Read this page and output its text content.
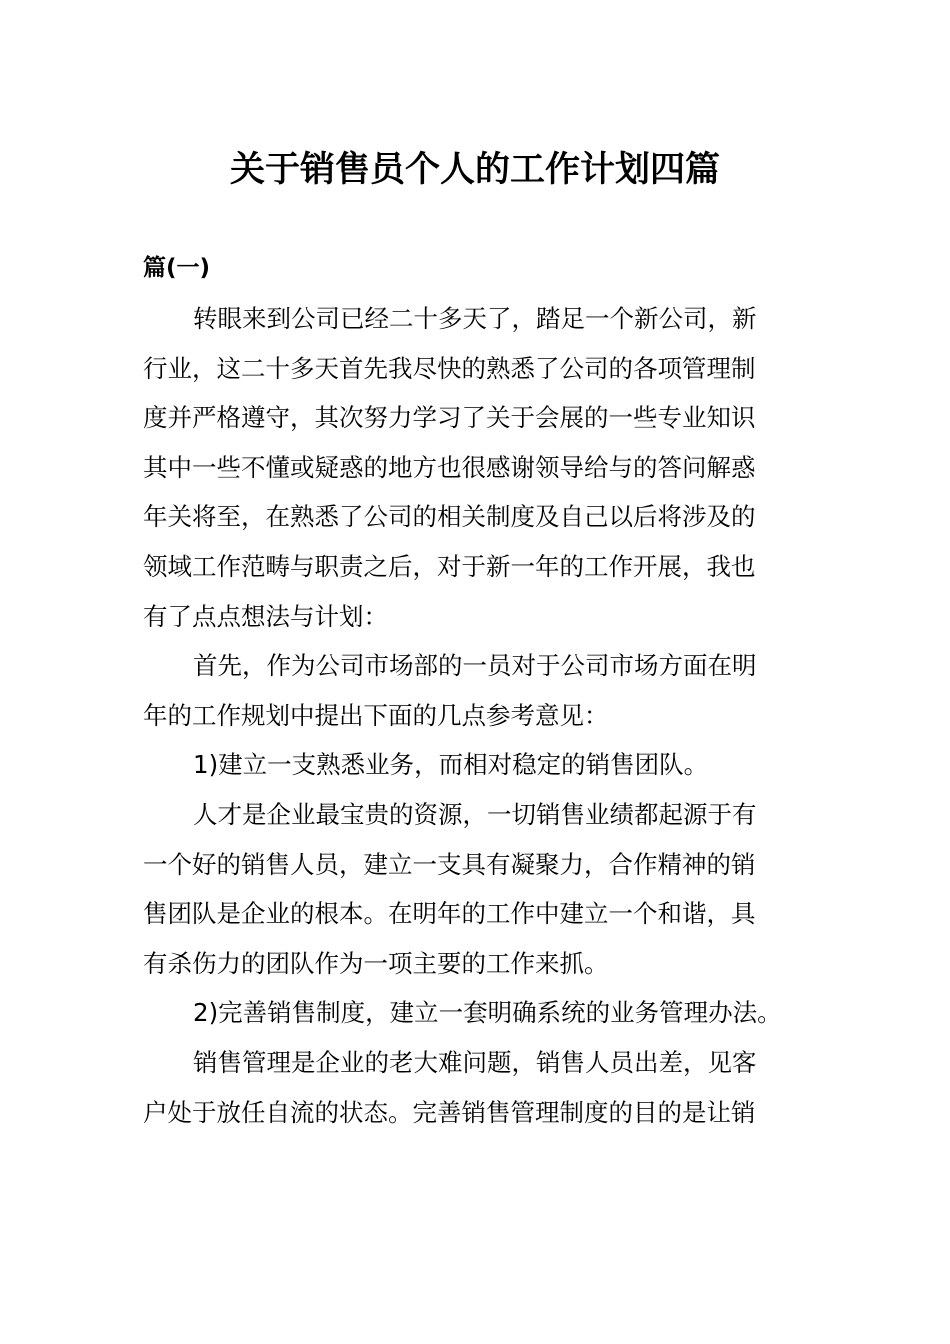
关于销售员个人的工作计划四篇
篇(一)
转眼来到公司已经二十多天了，踏足一个新公司，新
行业，这二十多天首先我尽快的熟悉了公司的各项管理制
度并严格遵守，其次努力学习了关于会展的一些专业知识
其中一些不懂或疑惑的地方也很感谢领导给与的答问解惑
年关将至，在熟悉了公司的相关制度及自己以后将涉及的
领域工作范畴与职责之后，对于新一年的工作开展，我也
有了点点想法与计划：
首先，作为公司市场部的一员对于公司市场方面在明
年的工作规划中提出下面的几点参考意见：
1)建立一支熟悉业务，而相对稳定的销售团队。
人才是企业最宝贵的资源，一切销售业绩都起源于有
一个好的销售人员，建立一支具有凝聚力，合作精神的销
售团队是企业的根本。在明年的工作中建立一个和谐，具
有杀伤力的团队作为一项主要的工作来抓。
2)完善销售制度，建立一套明确系统的业务管理办法。
销售管理是企业的老大难问题，销售人员出差，见客
户处于放任自流的状态。完善销售管理制度的目的是让销
